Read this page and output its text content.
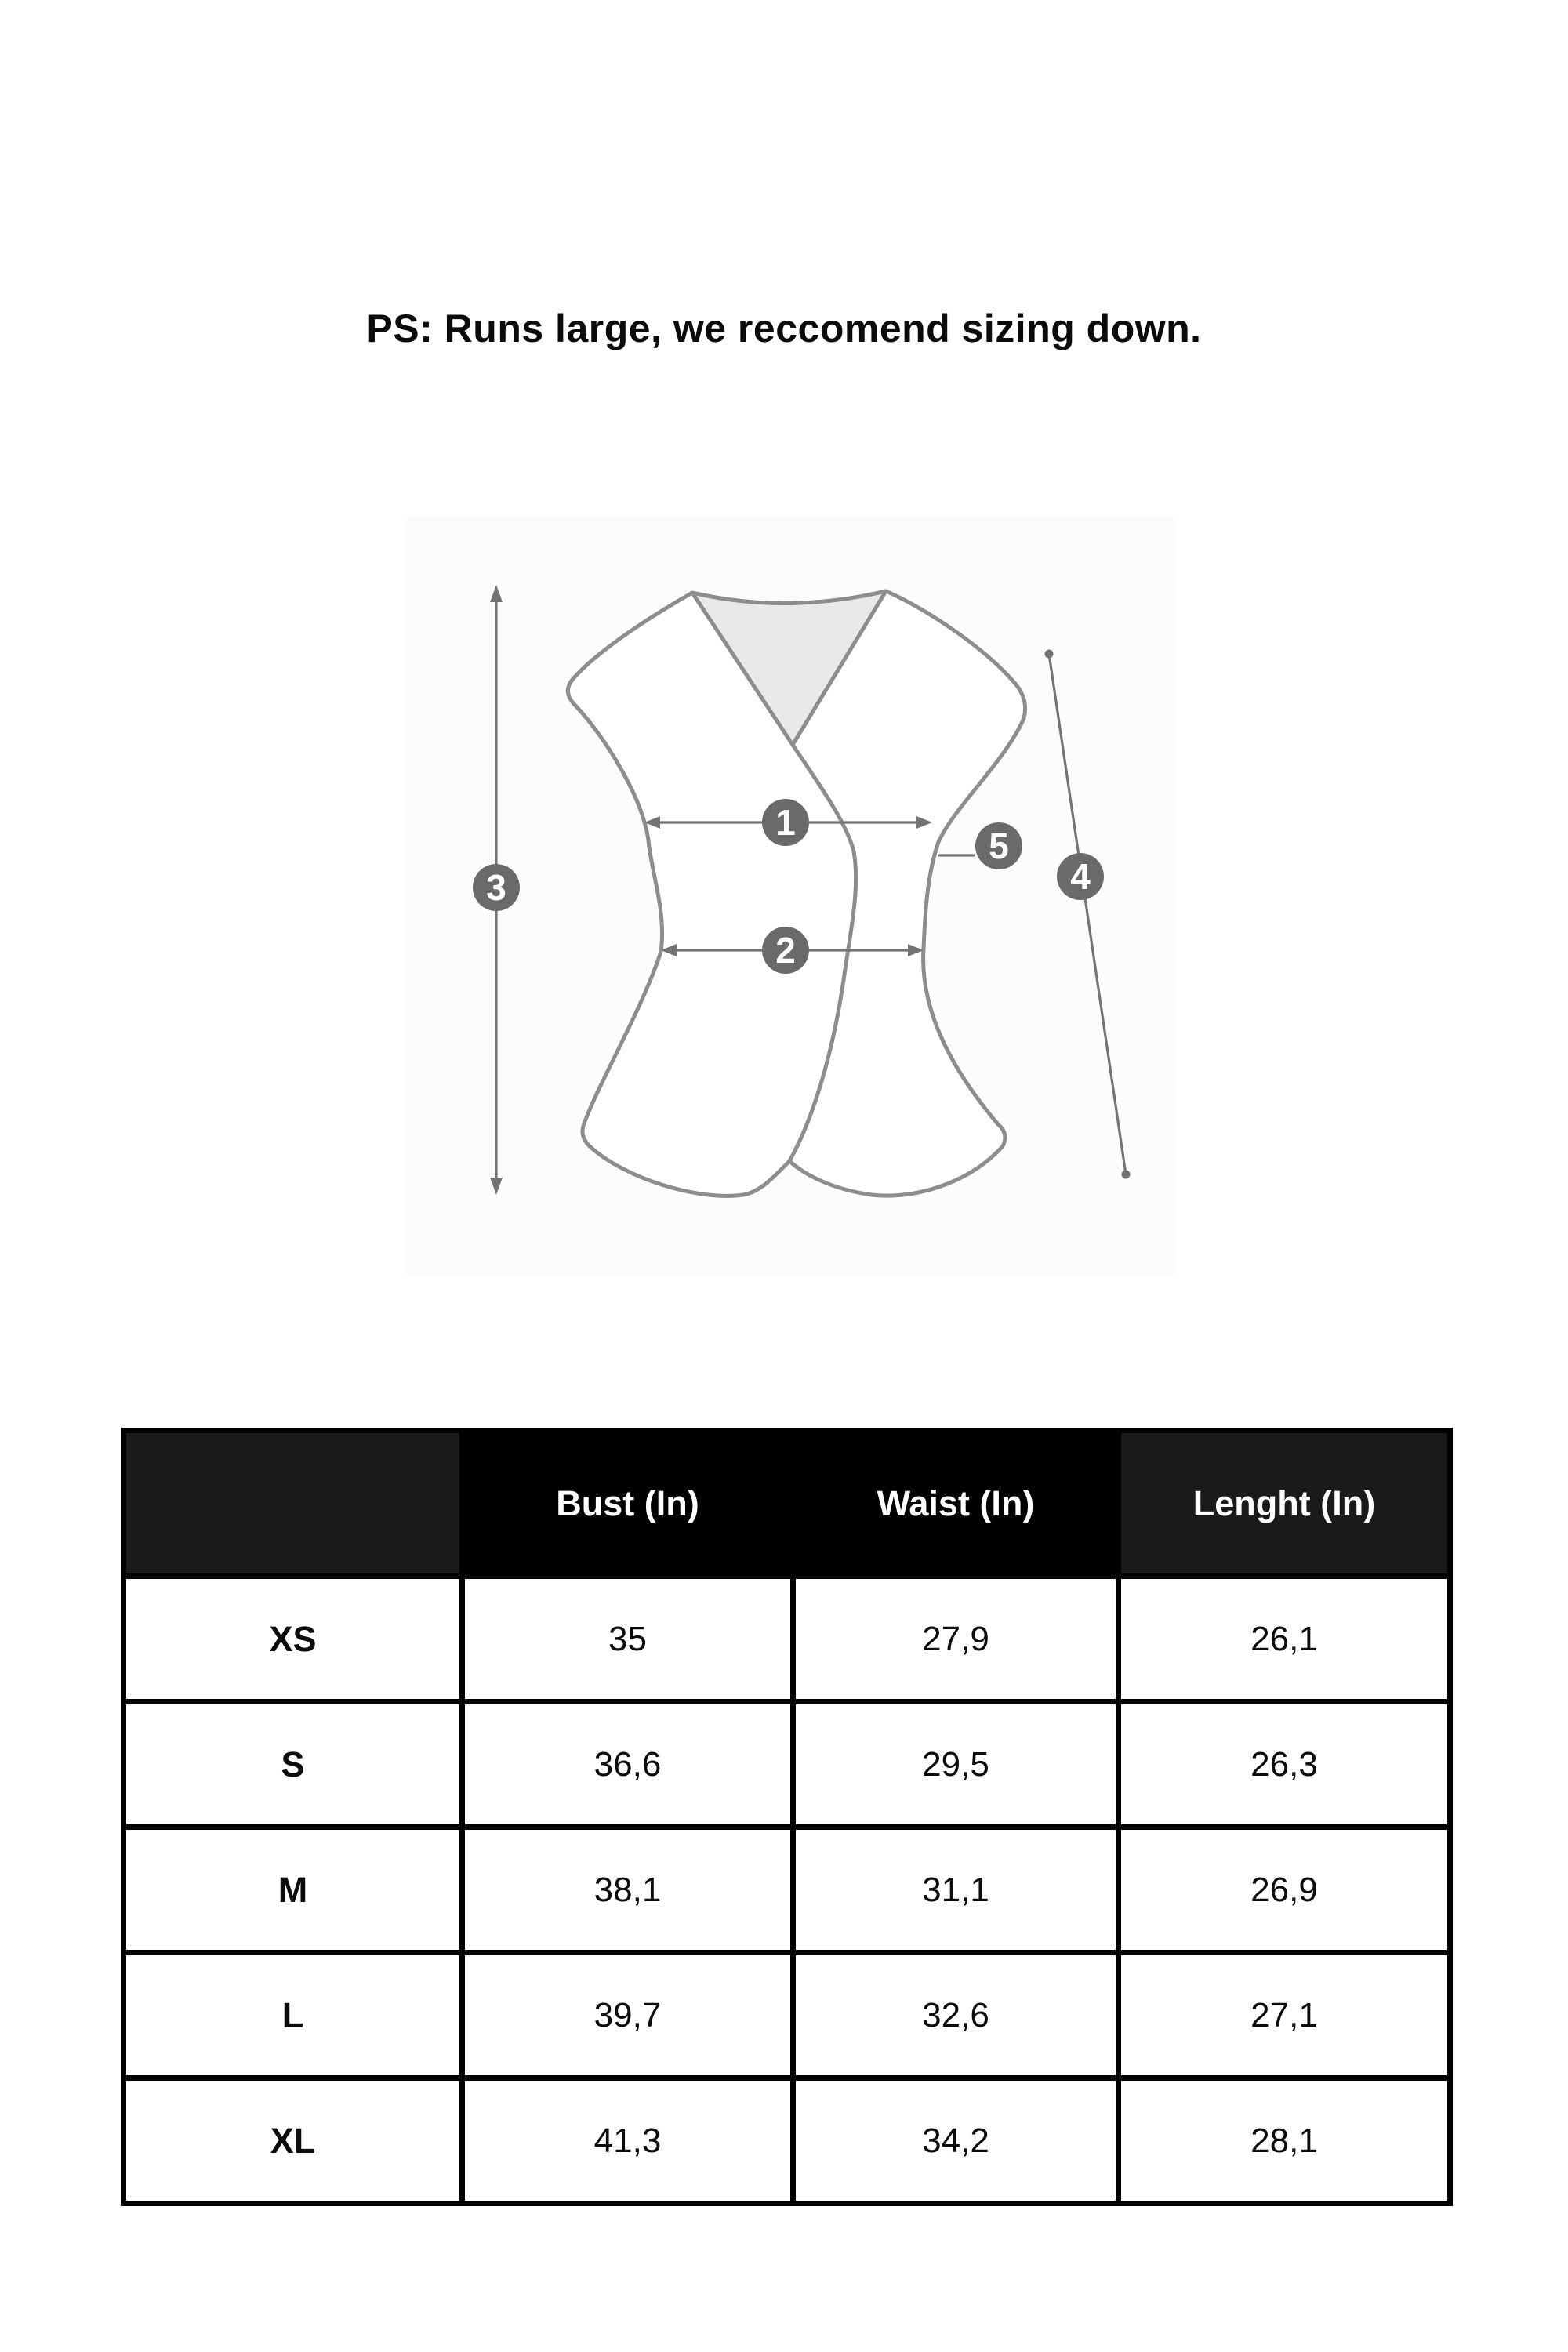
PS: Runs large, we reccomend sizing down.
1
2
3	4
5
	Bust (In)	Waist (In)	Lenght (In)
XS	35	27,9	26,1
S	36,6	29,5	26,3
M	38,1	31,1	26,9
L	39,7	32,6	27,1
XL	41,3	34,2	28,1
